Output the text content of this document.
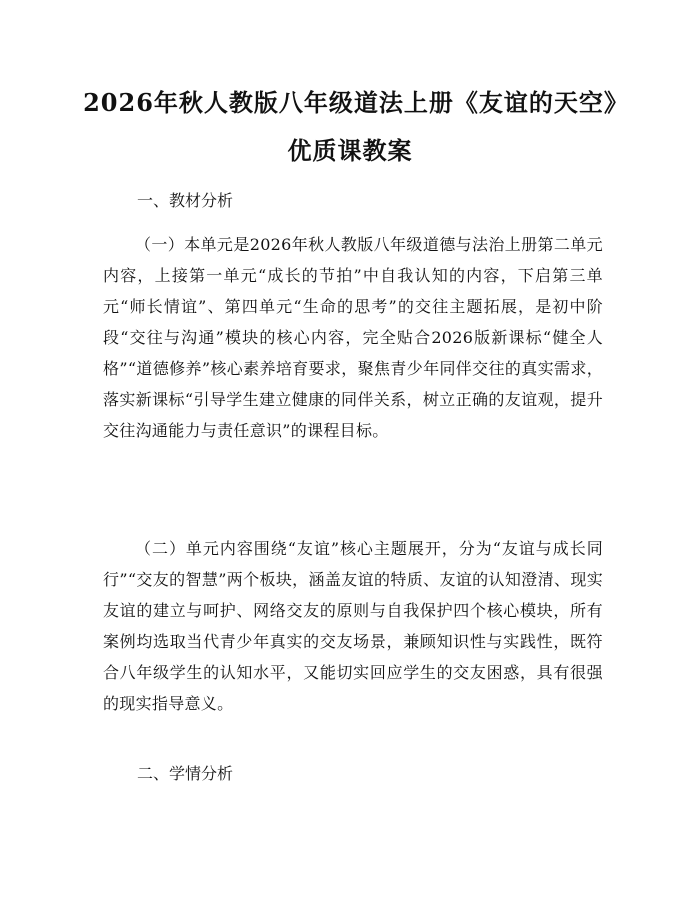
2026年秋人教版八年级道法上册《友谊的天空》优质课教案

一、教材分析

（一）本单元是2026年秋人教版八年级道德与法治上册第二单元内容，上接第一单元“成长的节拍”中自我认知的内容，下启第三单元“师长情谊”、第四单元“生命的思考”的交往主题拓展，是初中阶段“交往与沟通”模块的核心内容，完全贴合2026版新课标“健全人格”“道德修养”核心素养培育要求，聚焦青少年同伴交往的真实需求，落实新课标“引导学生建立健康的同伴关系，树立正确的友谊观，提升交往沟通能力与责任意识”的课程目标。

（二）单元内容围绕“友谊”核心主题展开，分为“友谊与成长同行”“交友的智慧”两个板块，涵盖友谊的特质、友谊的认知澄清、现实友谊的建立与呵护、网络交友的原则与自我保护四个核心模块，所有案例均选取当代青少年真实的交友场景，兼顾知识性与实践性，既符合八年级学生的认知水平，又能切实回应学生的交友困惑，具有很强的现实指导意义。

二、学情分析
